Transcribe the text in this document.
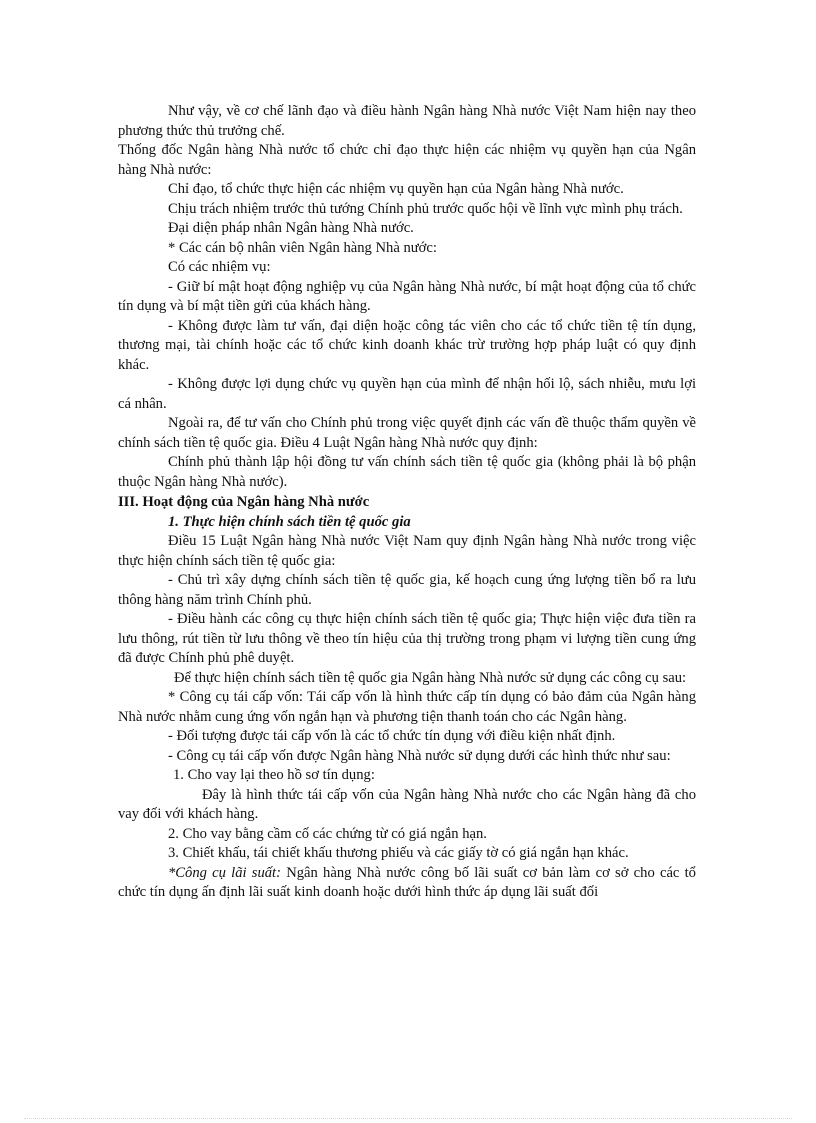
Như vậy, về cơ chế lãnh đạo và điều hành Ngân hàng Nhà nước Việt Nam hiện nay theo phương thức thủ trưởng chế.

Thống đốc Ngân hàng Nhà nước tổ chức chỉ đạo thực hiện các nhiệm vụ quyền hạn của Ngân hàng Nhà nước:

Chỉ đạo, tổ chức thực hiện các nhiệm vụ quyền hạn của Ngân hàng Nhà nước.

Chịu trách nhiệm trước thủ tướng Chính phủ trước quốc hội về lĩnh vực mình phụ trách.

Đại diện pháp nhân Ngân hàng Nhà nước.

* Các cán bộ nhân viên Ngân hàng Nhà nước:

Có các nhiệm vụ:

- Giữ bí mật hoạt động nghiệp vụ của Ngân hàng Nhà nước, bí mật hoạt động của tổ chức tín dụng và bí mật tiền gửi của khách hàng.

- Không được làm tư vấn, đại diện hoặc công tác viên cho các tổ chức tiền tệ tín dụng, thương mại, tài chính hoặc các tổ chức kinh doanh khác trừ trường hợp pháp luật có quy định khác.

- Không được lợi dụng chức vụ quyền hạn của mình để nhận hối lộ, sách nhiễu, mưu lợi cá nhân.

Ngoài ra, để tư vấn cho Chính phủ trong việc quyết định các vấn đề thuộc thẩm quyền về chính sách tiền tệ quốc gia. Điều 4 Luật Ngân hàng Nhà nước quy định:

Chính phủ thành lập hội đồng tư vấn chính sách tiền tệ quốc gia (không phải là bộ phận thuộc Ngân hàng Nhà nước).

III. Hoạt động của Ngân hàng Nhà nước

1. Thực hiện chính sách tiền tệ quốc gia

Điều 15 Luật Ngân hàng Nhà nước Việt Nam quy định Ngân hàng Nhà nước trong việc thực hiện chính sách tiền tệ quốc gia:

- Chủ trì xây dựng chính sách tiền tệ quốc gia, kế hoạch cung ứng lượng tiền bổ ra lưu thông hàng năm trình Chính phủ.

- Điều hành các công cụ thực hiện chính sách tiền tệ quốc gia; Thực hiện việc đưa tiền ra lưu thông, rút tiền từ lưu thông về theo tín hiệu của thị trường trong phạm vi lượng tiền cung ứng đã được Chính phủ phê duyệt.

Để thực hiện chính sách tiền tệ quốc gia Ngân hàng Nhà nước sử dụng các công cụ sau:

* Công cụ tái cấp vốn: Tái cấp vốn là hình thức cấp tín dụng có bảo đảm của Ngân hàng Nhà nước nhằm cung ứng vốn ngắn hạn và phương tiện thanh toán cho các Ngân hàng.

- Đối tượng được tái cấp vốn là các tổ chức tín dụng với điều kiện nhất định.

- Công cụ tái cấp vốn được Ngân hàng Nhà nước sử dụng dưới các hình thức như sau:

1. Cho vay lại theo hồ sơ tín dụng:

Đây là hình thức tái cấp vốn của Ngân hàng Nhà nước cho các Ngân hàng đã cho vay đối với khách hàng.

2. Cho vay bằng cầm cố các chứng từ có giá ngắn hạn.

3. Chiết khấu, tái chiết khấu thương phiếu và các giấy tờ có giá ngắn hạn khác.

*Công cụ lãi suất: Ngân hàng Nhà nước công bố lãi suất cơ bản làm cơ sở cho các tổ chức tín dụng ấn định lãi suất kinh doanh hoặc dưới hình thức áp dụng lãi suất đối
